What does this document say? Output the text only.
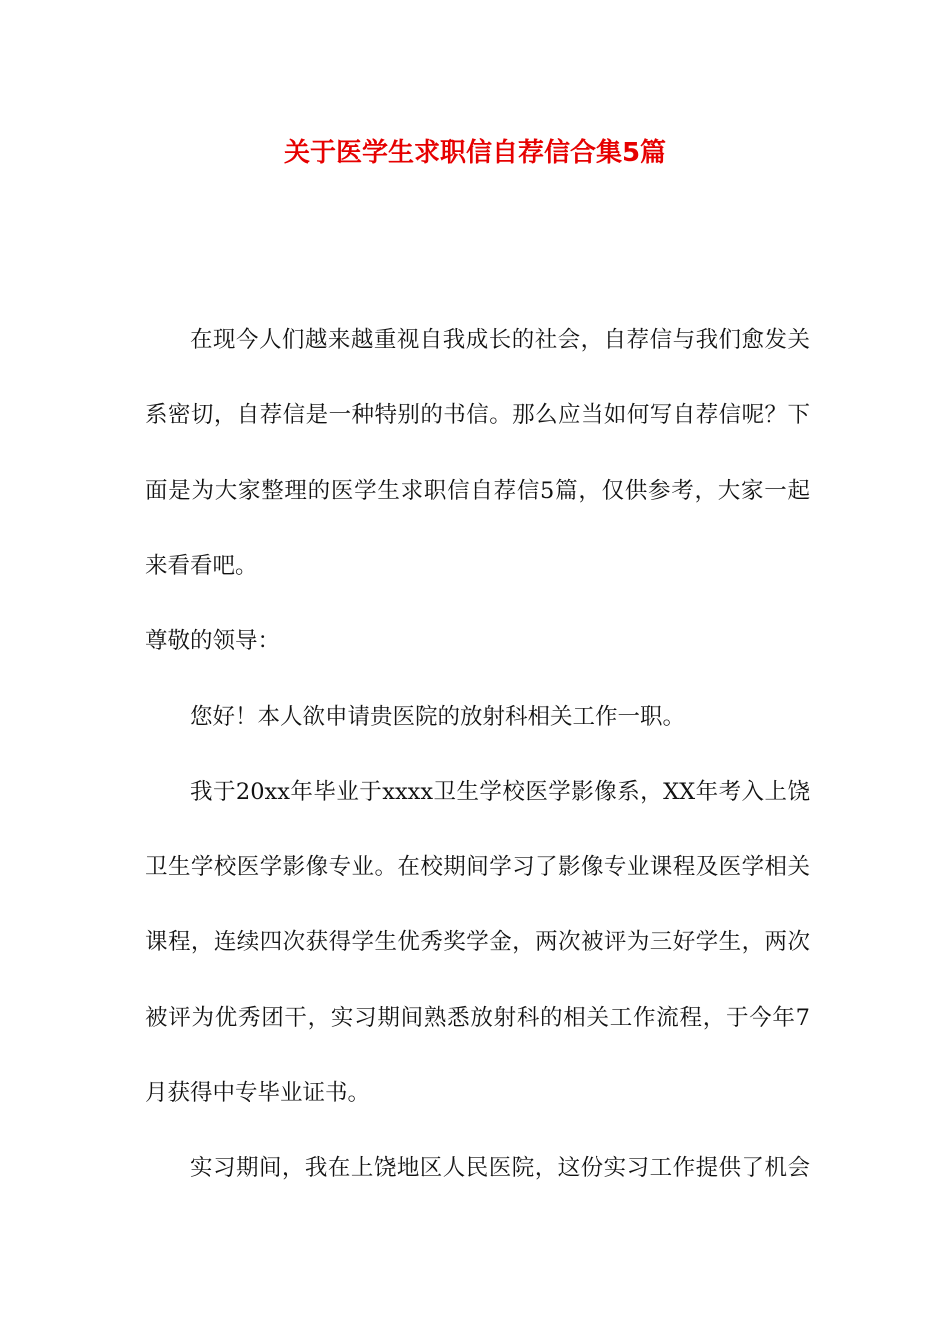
关于医学生求职信自荐信合集5篇
在现今人们越来越重视自我成长的社会，自荐信与我们愈发关
系密切，自荐信是一种特别的书信。那么应当如何写自荐信呢？下
面是为大家整理的医学生求职信自荐信5篇，仅供参考，大家一起
来看看吧。
尊敬的领导：
您好！本人欲申请贵医院的放射科相关工作一职。
我于20xx年毕业于xxxx卫生学校医学影像系，XX年考入上饶
卫生学校医学影像专业。在校期间学习了影像专业课程及医学相关
课程，连续四次获得学生优秀奖学金，两次被评为三好学生，两次
被评为优秀团干，实习期间熟悉放射科的相关工作流程，于今年7
月获得中专毕业证书。
实习期间，我在上饶地区人民医院，这份实习工作提供了机会
